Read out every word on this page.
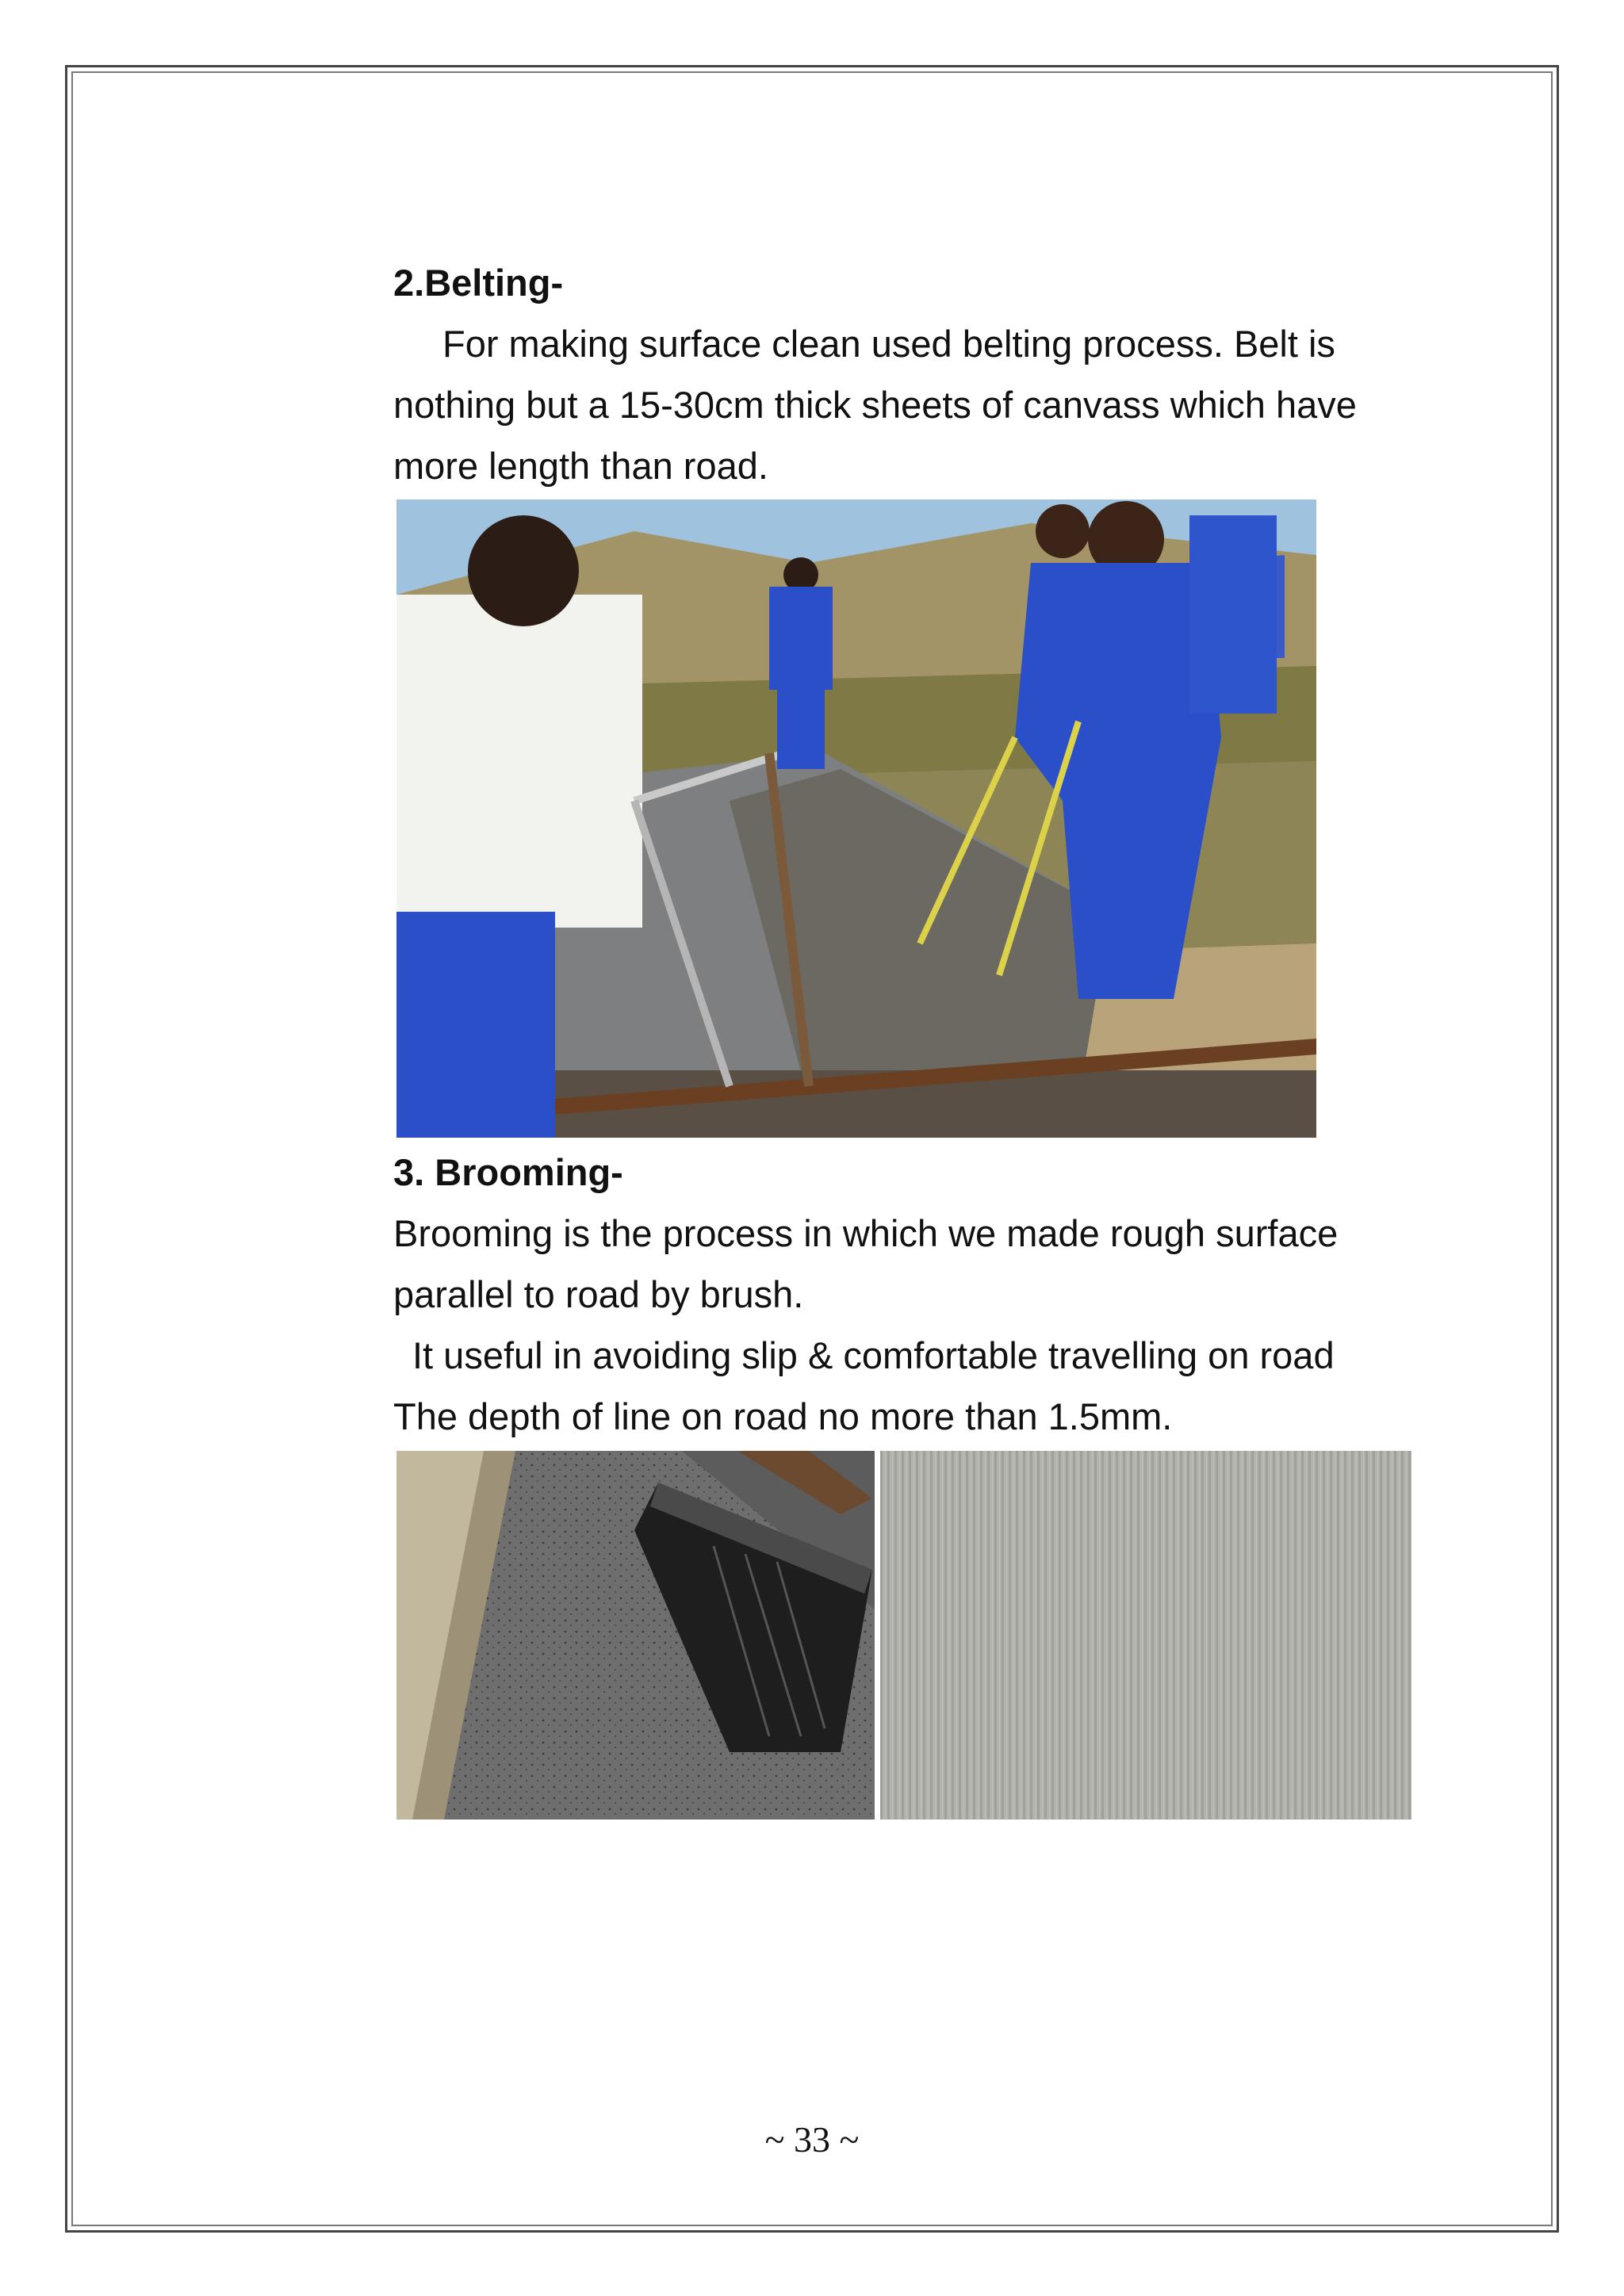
2.Belting-

For making surface clean used belting process. Belt is

nothing but a 15-30cm thick sheets of canvass which have

more length than road.

3. Brooming-

Brooming is the process in which we made rough surface

parallel to road by brush.

It useful in avoiding slip & comfortable travelling on road

The depth of line on road no more than 1.5mm.

~ 33 ~
